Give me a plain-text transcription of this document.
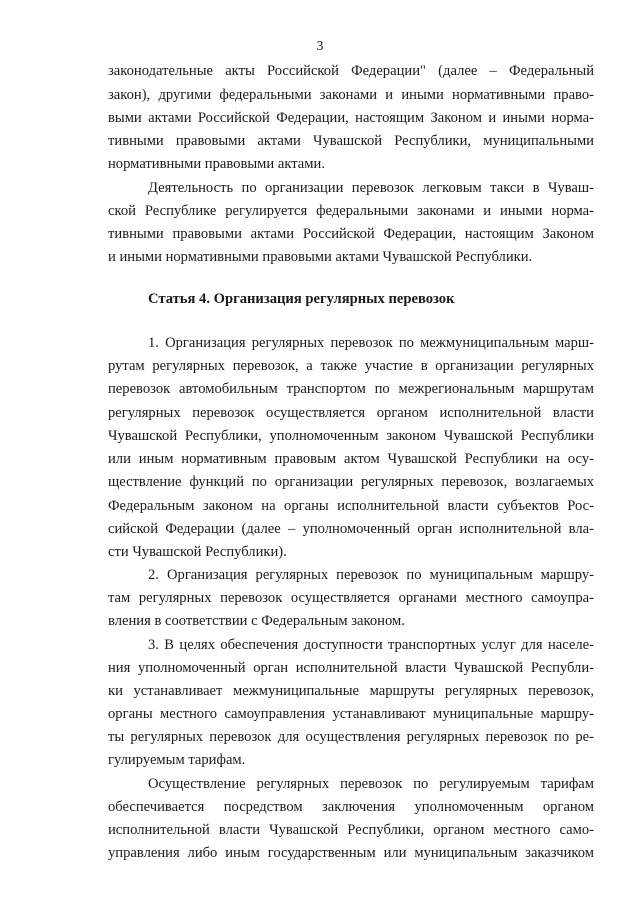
3
законодательные акты Российской Федерации" (далее – Федеральный
закон), другими федеральными законами и иными нормативными право-
выми актами Российской Федерации, настоящим Законом и иными норма-
тивными правовыми актами Чувашской Республики, муниципальными
нормативными правовыми актами.
Деятельность по организации перевозок легковым такси в Чуваш-
ской Республике регулируется федеральными законами и иными норма-
тивными правовыми актами Российской Федерации, настоящим Законом
и иными нормативными правовыми актами Чувашской Республики.
Статья 4. Организация регулярных перевозок
1. Организация регулярных перевозок по межмуниципальным марш-
рутам регулярных перевозок, а также участие в организации регулярных
перевозок автомобильным транспортом по межрегиональным маршрутам
регулярных перевозок осуществляется органом исполнительной власти
Чувашской Республики, уполномоченным законом Чувашской Республики
или иным нормативным правовым актом Чувашской Республики на осу-
ществление функций по организации регулярных перевозок, возлагаемых
Федеральным законом на органы исполнительной власти субъектов Рос-
сийской Федерации (далее – уполномоченный орган исполнительной вла-
сти Чувашской Республики).
2. Организация регулярных перевозок по муниципальным маршру-
там регулярных перевозок осуществляется органами местного самоупра-
вления в соответствии с Федеральным законом.
3. В целях обеспечения доступности транспортных услуг для населе-
ния уполномоченный орган исполнительной власти Чувашской Республи-
ки устанавливает межмуниципальные маршруты регулярных перевозок,
органы местного самоуправления устанавливают муниципальные маршру-
ты регулярных перевозок для осуществления регулярных перевозок по ре-
гулируемым тарифам.
Осуществление регулярных перевозок по регулируемым тарифам
обеспечивается посредством заключения уполномоченным органом
исполнительной власти Чувашской Республики, органом местного само-
управления либо иным государственным или муниципальным заказчиком
